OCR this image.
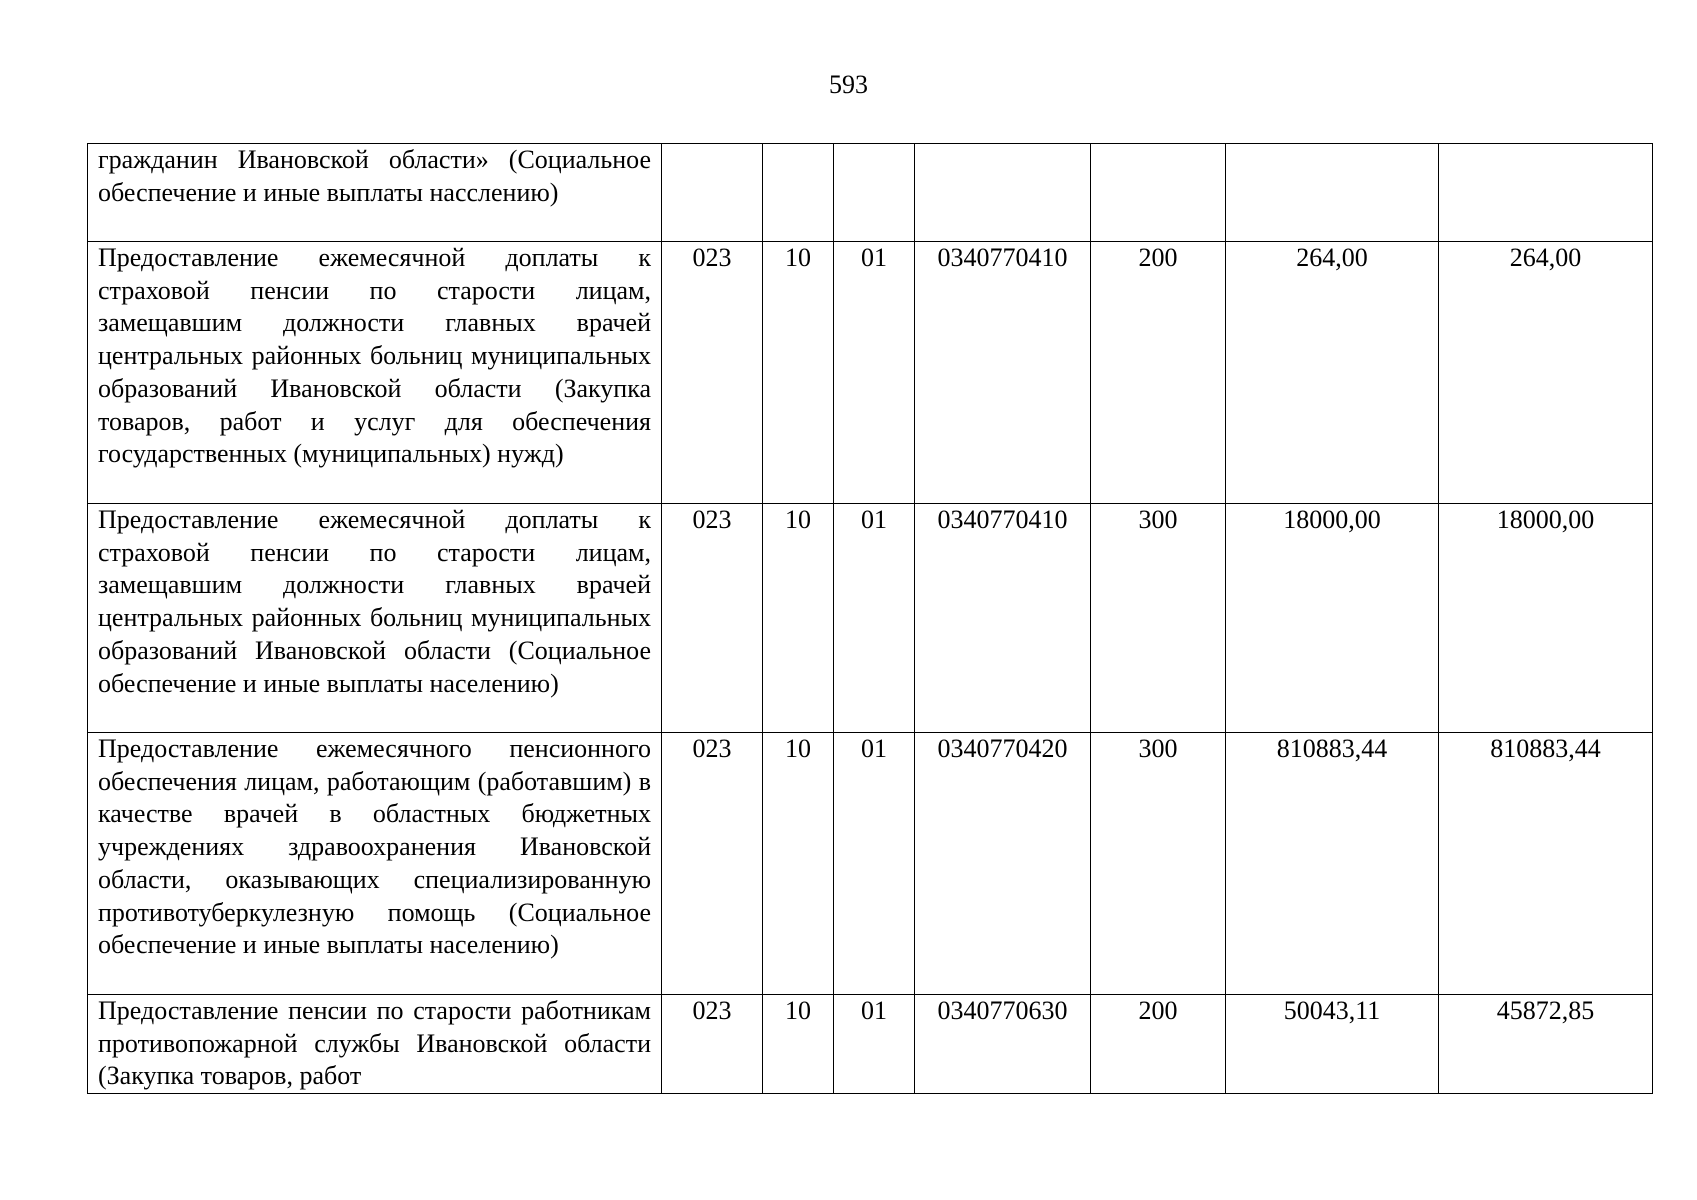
593
гражданин Ивановской области» (Социальное обеспечение и иные выплаты насслению)							
Предоставление ежемесячной доплаты к страховой пенсии по старости лицам, замещавшим должности главных врачей центральных районных больниц муниципальных образований Ивановской области (Закупка товаров, работ и услуг для обеспечения государственных (муниципальных) нужд)	023	10	01	0340770410	200	264,00	264,00
Предоставление ежемесячной доплаты к страховой пенсии по старости лицам, замещавшим должности главных врачей центральных районных больниц муниципальных образований Ивановской области (Социальное обеспечение и иные выплаты населению)	023	10	01	0340770410	300	18000,00	18000,00
Предоставление ежемесячного пенсионного обеспечения лицам, работающим (работавшим) в качестве врачей в областных бюджетных учреждениях здравоохранения Ивановской области, оказывающих специализированную противотуберкулезную помощь (Социальное обеспечение и иные выплаты населению)	023	10	01	0340770420	300	810883,44	810883,44
Предоставление пенсии по старости работникам противопожарной службы Ивановской области (Закупка товаров, работ	023	10	01	0340770630	200	50043,11	45872,85
